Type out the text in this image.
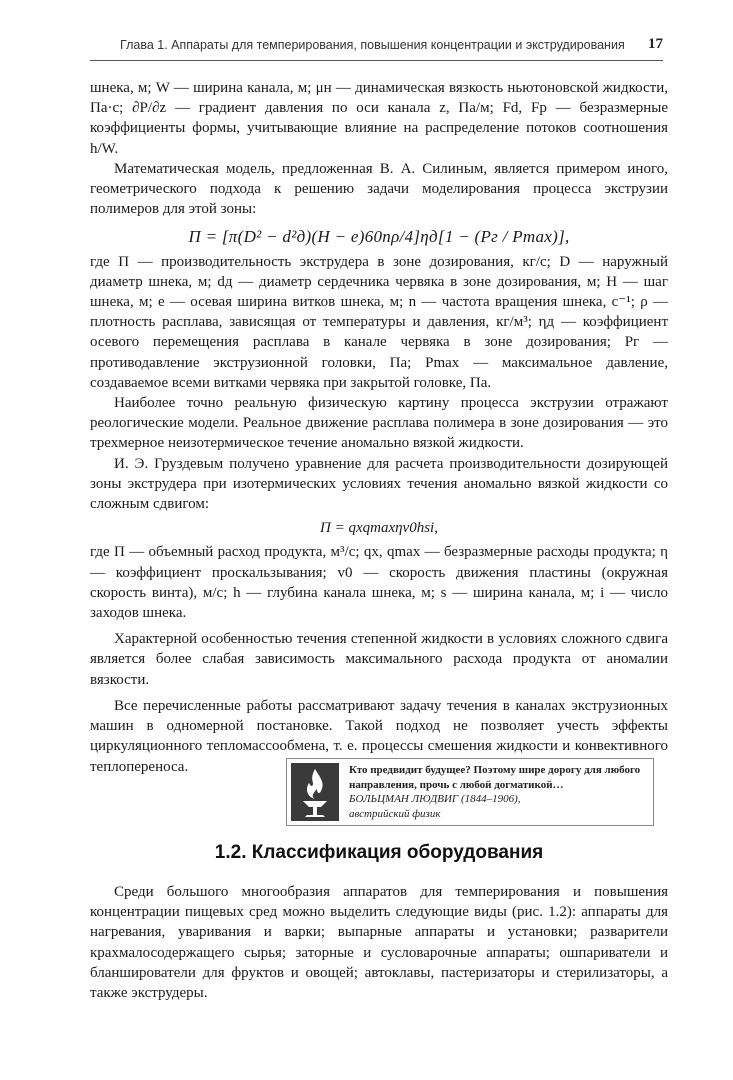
Глава 1. Аппараты для темперирования, повышения концентрации и экструдирования 17

шнека, м; W — ширина канала, м; μн — динамическая вязкость ньютоновской жидкости, Па·с; ∂P/∂z — градиент давления по оси канала z, Па/м; Fd, Fp — безразмерные коэффициенты формы, учитывающие влияние на распределение потоков соотношения h/W.

Математическая модель, предложенная В. А. Силиным, является примером иного, геометрического подхода к решению задачи моделирования процесса экструзии полимеров для этой зоны:

П = [π(D² − d²д)(H − e)60nρ/4]ηд[1 − (Pг / Pmax)],

где П — производительность экструдера в зоне дозирования, кг/с; D — наружный диаметр шнека, м; dд — диаметр сердечника червяка в зоне дозирования, м; H — шаг шнека, м; e — осевая ширина витков шнека, м; n — частота вращения шнека, с⁻¹; ρ — плотность расплава, зависящая от температуры и давления, кг/м³; ηд — коэффициент осевого перемещения расплава в канале червяка в зоне дозирования; Pг — противодавление экструзионной головки, Па; Pmax — максимальное давление, создаваемое всеми витками червяка при закрытой головке, Па.

Наиболее точно реальную физическую картину процесса экструзии отражают реологические модели. Реальное движение расплава полимера в зоне дозирования — это трехмерное неизотермическое течение аномально вязкой жидкости.

И. Э. Груздевым получено уравнение для расчета производительности дозирующей зоны экструдера при изотермических условиях течения аномально вязкой жидкости со сложным сдвигом:

П = qxqmaxηv0hsi,

где П — объемный расход продукта, м³/с; qx, qmax — безразмерные расходы продукта; η — коэффициент проскальзывания; v0 — скорость движения пластины (окружная скорость винта), м/с; h — глубина канала шнека, м; s — ширина канала, м; i — число заходов шнека.

Характерной особенностью течения степенной жидкости в условиях сложного сдвига является более слабая зависимость максимального расхода продукта от аномалии вязкости.

Все перечисленные работы рассматривают задачу течения в каналах экструзионных машин в одномерной постановке. Такой подход не позволяет учесть эффекты циркуляционного тепломассообмена, т. е. процессы смешения жидкости и конвективного теплопереноса.	Кто предвидит будущее? Поэтому шире дорогу для любого направления, прочь с любой догматикой…
БОЛЬЦМАН ЛЮДВИГ (1844–1906),
австрийский физик
1.2. Классификация оборудования

Среди большого многообразия аппаратов для темперирования и повышения концентрации пищевых сред можно выделить следующие виды (рис. 1.2): аппараты для нагревания, уваривания и варки; выпарные аппараты и установки; разварители крахмалосодержащего сырья; заторные и сусловарочные аппараты; ошпариватели и бланширователи для фруктов и овощей; автоклавы, пастеризаторы и стерилизаторы, а также экструдеры.
